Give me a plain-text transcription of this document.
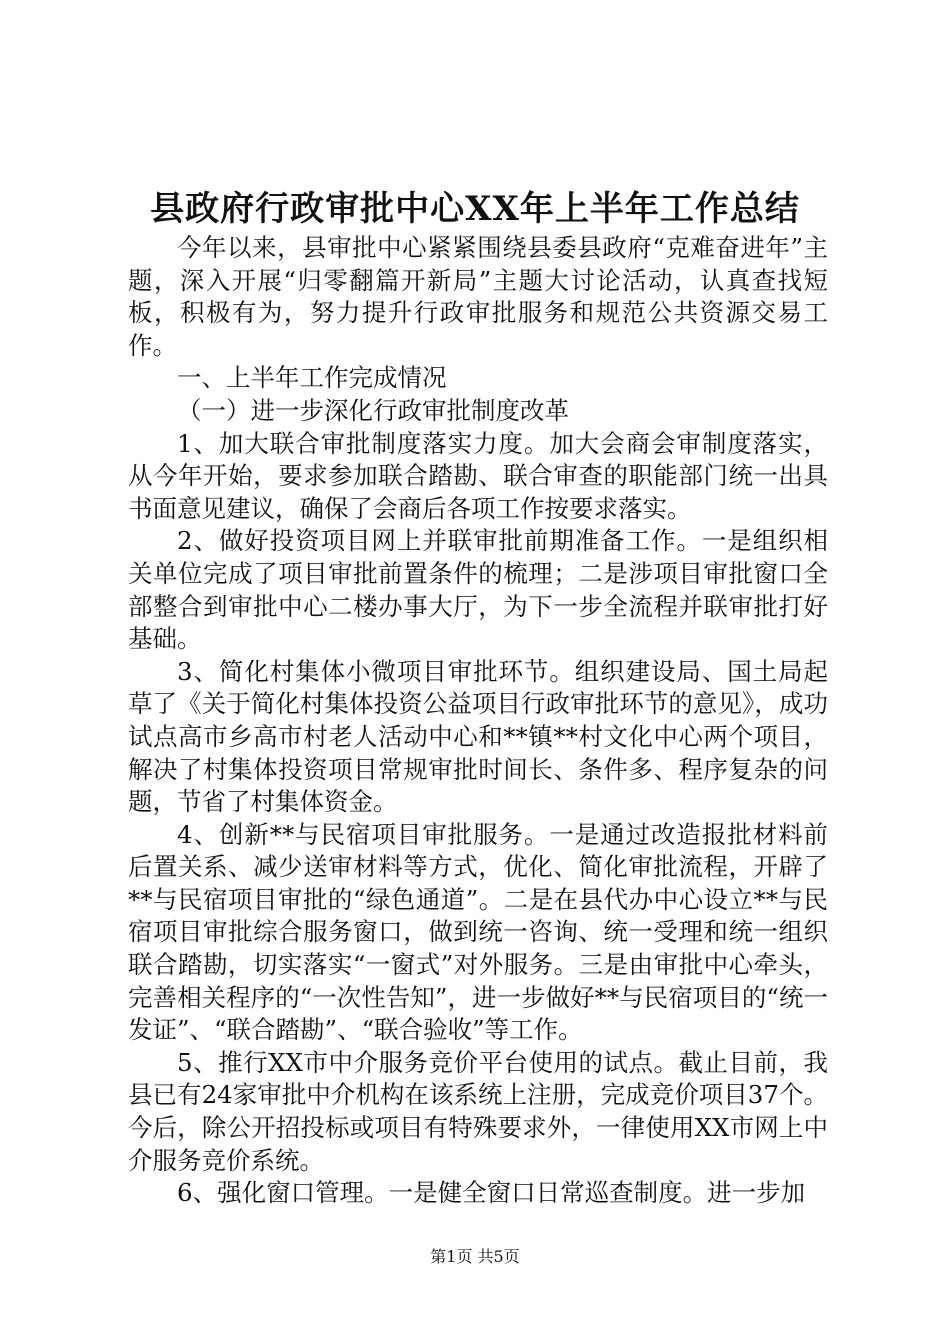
县政府行政审批中心XX年上半年工作总结

今年以来，县审批中心紧紧围绕县委县政府“克难奋进年”主题，深入开展“归零翻篇开新局”主题大讨论活动，认真查找短板，积极有为，努力提升行政审批服务和规范公共资源交易工作。

一、上半年工作完成情况

（一）进一步深化行政审批制度改革

1、加大联合审批制度落实力度。加大会商会审制度落实，从今年开始，要求参加联合踏勘、联合审查的职能部门统一出具书面意见建议，确保了会商后各项工作按要求落实。

2、做好投资项目网上并联审批前期准备工作。一是组织相关单位完成了项目审批前置条件的梳理；二是涉项目审批窗口全部整合到审批中心二楼办事大厅，为下一步全流程并联审批打好基础。

3、简化村集体小微项目审批环节。组织建设局、国土局起草了《关于简化村集体投资公益项目行政审批环节的意见》，成功试点高市乡高市村老人活动中心和**镇**村文化中心两个项目，解决了村集体投资项目常规审批时间长、条件多、程序复杂的问题，节省了村集体资金。

4、创新**与民宿项目审批服务。一是通过改造报批材料前后置关系、减少送审材料等方式，优化、简化审批流程，开辟了**与民宿项目审批的“绿色通道”。二是在县代办中心设立**与民宿项目审批综合服务窗口，做到统一咨询、统一受理和统一组织联合踏勘，切实落实“一窗式”对外服务。三是由审批中心牵头，完善相关程序的“一次性告知”，进一步做好**与民宿项目的“统一发证”、“联合踏勘”、“联合验收”等工作。

5、推行XX市中介服务竞价平台使用的试点。截止目前，我县已有24家审批中介机构在该系统上注册，完成竞价项目37个。今后，除公开招投标或项目有特殊要求外，一律使用XX市网上中介服务竞价系统。

6、强化窗口管理。一是健全窗口日常巡查制度。进一步加

第1页 共5页
